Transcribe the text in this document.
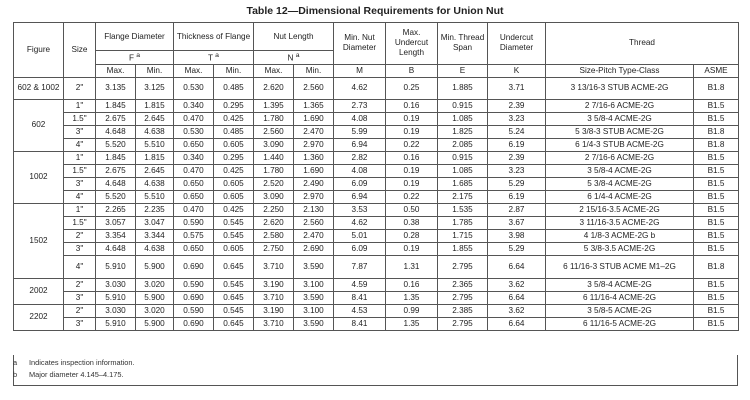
Table 12—Dimensional Requirements for Union Nut
Figure	Size	Flange Diameter		Thickness of Flange		Nut Length		Min. Nut Diameter	Max. Undercut Length	Min. Thread Span	Undercut Diameter	Thread	
		F $^a$		T $^a$		N $^a$
		Max.	Min.	Max.	Min.	Max.	Min.	M	B	E	K	Size-Pitch Type-Class	ASME
602 & 1002	2"	3.135	3.125	0.530	0.485	2.620	2.560	4.62	0.25	1.885	3.71	3 13/16-3 STUB ACME-2G	B1.8
602	1"	1.845	1.815	0.340	0.295	1.395	1.365	2.73	0.16	0.915	2.39	2 7/16-6 ACME-2G	B1.5
	1.5"	2.675	2.645	0.470	0.425	1.780	1.690	4.08	0.19	1.085	3.23	3 5/8-4 ACME-2G	B1.5
	3"	4.648	4.638	0.530	0.485	2.560	2.470	5.99	0.19	1.825	5.24	5 3/8-3 STUB ACME-2G	B1.8
	4"	5.520	5.510	0.650	0.605	3.090	2.970	6.94	0.22	2.085	6.19	6 1/4-3 STUB ACME-2G	B1.8
1002	1"	1.845	1.815	0.340	0.295	1.440	1.360	2.82	0.16	0.915	2.39	2 7/16-6 ACME-2G	B1.5
	1.5"	2.675	2.645	0.470	0.425	1.780	1.690	4.08	0.19	1.085	3.23	3 5/8-4 ACME-2G	B1.5
	3"	4.648	4.638	0.650	0.605	2.520	2.490	6.09	0.19	1.685	5.29	5 3/8-4 ACME-2G	B1.5
	4"	5.520	5.510	0.650	0.605	3.090	2.970	6.94	0.22	2.175	6.19	6 1/4-4 ACME-2G	B1.5
1502	1"	2.265	2.235	0.470	0.425	2.250	2.130	3.53	0.50	1.535	2.87	2 15/16-3.5 ACME-2G	B1.5
	1.5"	3.057	3.047	0.590	0.545	2.620	2.560	4.62	0.38	1.785	3.67	3 11/16-3.5 ACME-2G	B1.5
	2"	3.354	3.344	0.575	0.545	2.580	2.470	5.01	0.28	1.715	3.98	4 1/8-3 ACME-2G b	B1.5
	3"	4.648	4.638	0.650	0.605	2.750	2.690	6.09	0.19	1.855	5.29	5 3/8-3.5 ACME-2G	B1.5
	4"	5.910	5.900	0.690	0.645	3.710	3.590	7.87	1.31	2.795	6.64	6 11/16-3 STUB ACME M1–2G	B1.8
2002	2"	3.030	3.020	0.590	0.545	3.190	3.100	4.59	0.16	2.365	3.62	3 5/8-4 ACME-2G	B1.5
	3"	5.910	5.900	0.690	0.645	3.710	3.590	8.41	1.35	2.795	6.64	6 11/16-4 ACME-2G	B1.5
2202	2"	3.030	3.020	0.590	0.545	3.190	3.100	4.53	0.99	2.385	3.62	3 5/8-5 ACME-2G	B1.5
	3"	5.910	5.900	0.690	0.645	3.710	3.590	8.41	1.35	2.795	6.64	6 11/16-5 ACME-2G	B1.5
a Indicates inspection information.
b Major diameter 4.145–4.175.
